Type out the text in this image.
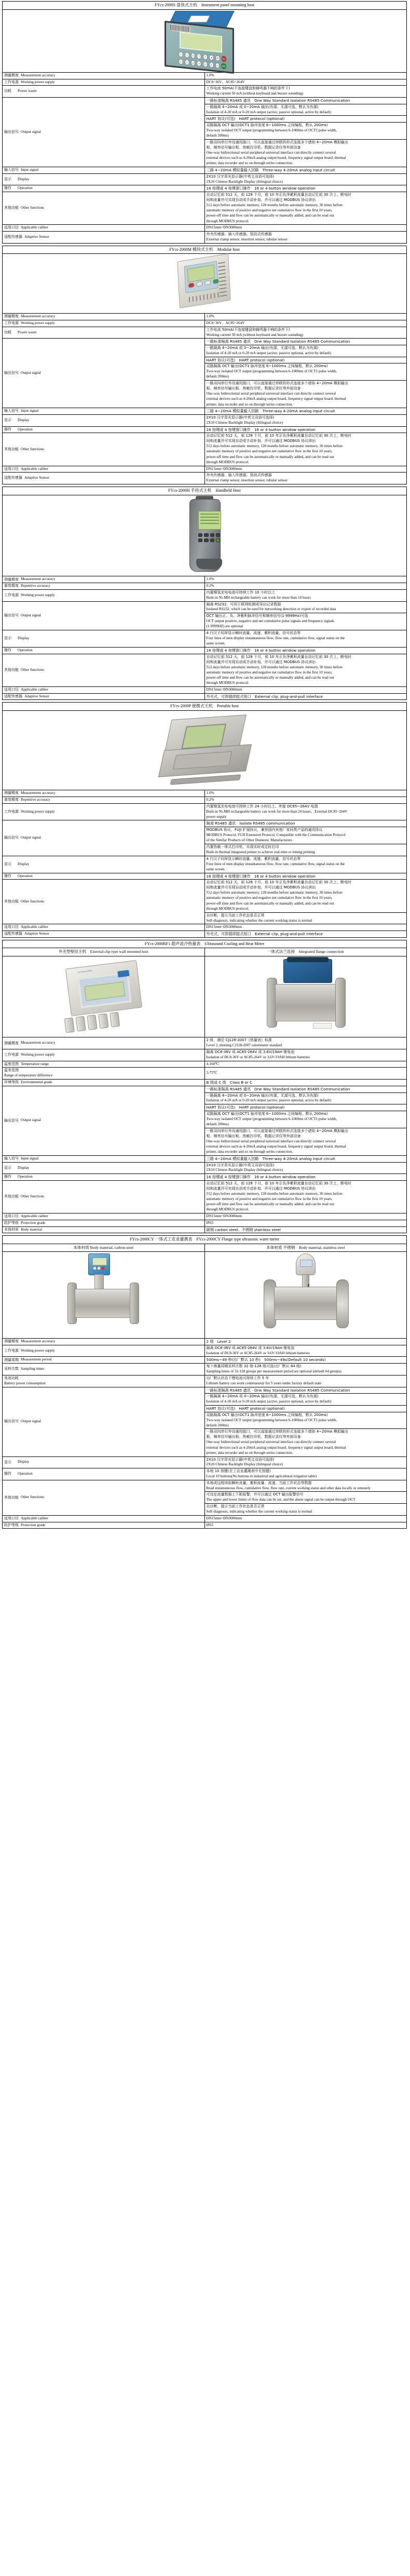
FYcs-2000S 盘装式主机　Instrument panel mounting host	

1	1	0	7	7	◄	✲	ESC
0	2	4	0	0	9	✓	ENT

测量精度 Measurement accuracy	1.0%

工作电源 Working power supply	DC8~36V、AC85~264V

功耗 Power waste	工作电流 50mA(不连接键盘和蜂鸣器不响的条件下)
Working current 50 mA (without keyboard and buzzer sounding)

输出信号 Output signal	一路标准隔离 RS485 通讯　One Way Standard Isolation RS485 Communication

	一路隔离 4~20mA 或 0~20mA 输出(有源、无源可选、默认为有源)
Isolation of 4-20 mA or 0-20 mA output (active, passive optional, active by default)

	HART 协议(可选)　HART protocol (optional)

	双路隔离 OCT 输出(OCT1 脉冲宽度 6~1000ms 之间编程，默认 200ms)
Two-way isolated OCT output (programming between 6-1000ms of OCT1 pulse width,
default 200ms)

	一路双向串行外设通用接口，可以直接通过串联的形式连接多个诸如 4~20mA 模拟输出
板、频率信号输出板、热敏打印机、数据记录仪等外部设备
One-way bidirectional serial peripheral universal interface can directly connect several
external devices such as 4-20mA analog output board, frequency signal output board, thermal
printer, data recorder and so on through series connection.

输入信号 Input signal	三路 4~20mA 模拟量输入回路　Three-way 4-20mA analog input circuit

显示 Display	2X10 汉字背光显示器(中英文双语可选择)
2X10 Chinese Backlight Display (bilingual choice)

操作 Operation	16 按键或 4 按键窗口操作　16 or 4 button window operation

其他功能 Other functions

自动记忆前 512 天，前 128 个月，前 10 年正负净累积流量自动记忆前 30 次上、断电时
间和流量并可实现自动或手动补加，并可以通过 MODBUS 协议读出
512 days before automatic memory, 128 months before automatic memory, 30 times before
automatic memory of positive and negative net cumulative flow in the first 10 years,
power-off time and flow can be automatically or manually added, and can be read out
through MODBUS protocol.

适用口径 Applicable caliber	DN15mm~DN3000mm

适配传感器 Adaptive Sensor	外夹传感器、插入传感器、管段式传感器
External clamp sensor, insertion sensor, tubular sensor
FYcs-2000M 模块式主机　Modular host	

测量精度 Measurement accuracy	1.0%

工作电源 Working power supply	DC8~36V、AC85~264V

功耗 Power waste	工作电流 50mA(不连接键盘和蜂鸣器不响的条件下)
Working current 50 mA (without keyboard and buzzer sounding)

输出信号 Output signal	一路标准隔离 RS485 通讯　One Way Standard Isolation RS485 Communication

	一路隔离 4~20mA 或 0~20mA 输出(有源、无源可选、默认为有源)
Isolation of 4-20 mA or 0-20 mA output (active, passive optional, active by default)

	HART 协议(可选)　HART protocol (optional)

	双路隔离 OCT 输出(OCT1 脉冲宽度 6~1000ms 之间编程，默认 200ms)
Two-way isolated OCT output (programming between 6-1000ms of OCT1 pulse width,
default 200ms)

	一路双向串行外设通用接口，可以直接通过串联的形式连接多个诸如 4~20mA 模拟输出
板、频率信号输出板、热敏打印机、数据记录仪等外部设备
One-way bidirectional serial peripheral universal interface can directly connect several
external devices such as 4-20mA analog output board, frequency signal output board, thermal
printer, data recorder and so on through series connection.

输入信号 Input signal	三路 4~20mA 模拟量输入回路　Three-way 4-20mA analog input circuit

显示 Display	2X10 汉字背光显示器(中英文双语可选择)
2X10 Chinese Backlight Display (bilingual choice)

操作 Operation	16 按键或 4 按键窗口操作　16 or 4 button window operation

其他功能 Other functions

自动记忆前 512 天，前 128 个月，前 10 年正负净累积流量自动记忆前 30 次上、断电时
间和流量并可实现自动或手动补加，并可以通过 MODBUS 协议读出
512 days before automatic memory, 128 months before automatic memory, 30 times before
automatic memory of positive and negative net cumulative flow in the first 10 years,
power-off time and flow can be automatically or manually added, and can be read out
through MODBUS protocol.

适用口径 Applicable caliber	DN15mm~DN3000mm

适配传感器 Adaptive Sensor	外夹传感器、插入传感器、管段式传感器
External clamp sensor, insertion sensor, tubular sensor
FYcs-2000H 手持式主机　Handheld Host	

测量精度 Measurement accuracy	1.0%

重复精度 Repetitive accuracy	0.2%

工作电源 Working power supply	内置镍氢充电电池可持续工作 10 小时以上
Built-in Ni-MH rechargeable battery can work for more than 10 hours

输出信号 Output signal	隔离 RS232，可用于联网检测或导出记录数据
Isolated RS232, which can be used for networking detection or export of recorded data

	OCT 输出正、负、净累积脉冲信号和频率信号(1-9999Hz)可选
OCT output positive, negative and net cumulative pulse signals and frequency signals
(1-9999HZ) are optional

显示 Display	4 行汉子同屏显示瞬时流量、流速、累积流量、信号状态等
Four lines of men display instantaneous flow, flow rate, cumulative flow, signal status on the
same screen.

操作 Operation	16 按键或 4 按键窗口操作　16 or 4 button window operation

其他功能 Other functions

自动记忆前 512 天，前 128 个月，前 10 年正负净累积流量自动记忆前 30 次上、断电时
间和流量并可实现自动或手动补加，并可以通过 MODBUS 协议读出
512 days before automatic memory, 128 months before automatic memory, 30 times before
automatic memory of positive and negative net cumulative flow in the first 10 years,
power-off time and flow can be automatically or manually added, and can be read out
through MODBUS protocol.

适用口径 Applicable caliber	DN15mm~DN3000mm

适配传感器 Adaptive Sensor	外夹式，可即插即拔式接口　External clip, plug-and-pull interface
FYcs-2000P 便携式主机　Portable host	

测量精度 Measurement accuracy	1.0%

重复精度 Repetitive accuracy	0.2%

工作电源 Working power supply	内置镍氢充电电池可持续工作 24 小时以上、外接 DC85~264V 电源
Built-in Ni-MH rechargeable battery can work for more than 24 hours、External DC85~264V
power supply

输出信号 Output signal	隔离 RS485 通讯　Isolate RS485 communication

	MODBUS 协议，FUJI 扩展协议，兼容国内其他厂家同类产品的通讯协议
MODBUS Protocol, FUJI Extension Protocol, Compatible with the Communication Protocol
of the Similar Products of Other Domestic Manufacturers

	内置热敏一体式打印机，实现实时或定时打印
Built-in thermal integrated printer to achieve real-time or timing printing

显示 Display	4 行汉子同屏显示瞬时流量、流速、累积流量、信号状态等
Four lines of men display instantaneous flow, flow rate, cumulative flow, signal status on the
same screen.

操作 Operation	16 按键或 4 按键窗口操作　16 or 4 button window operation

其他功能 Other functions

自动记忆前 512 天，前 128 个月，前 10 年正负净累积流量自动记忆前 30 次上、断电时
间和流量并可实现自动或手动补加，并可以通过 MODBUS 协议读出
512 days before automatic memory, 128 months before automatic memory, 30 times before
automatic memory of positive and negative net cumulative flow in the first 10 years,
power-off time and flow can be automatically or manually added, and can be read out
through MODBUS protocol.

	自诊断，提示当前工作状态是否正常
Self-diagnosis, indicating whether the current working status is normal

适用口径 Applicable caliber	DN15mm~DN3000mm

适配传感器 Adaptive Sensor	外夹式，可即插即拔式接口　External clip, plug-and-pull interface
FYcs-2000RF1 超声波冷热量表　Ultrasound Cooling and Heat Meter	
外夹型壁挂主机　External clip type wall mounted host	一体式法兰连接　Integrated flange connection

ULTRASONIC	

测量精度 Measurement accuracy	2 级，满足 CJ128-2007《热量表》标准
Level 2, meeting CJ128-2007 calorimeter standard

工作电源 Working power supply	隔离 DC8-36V 或 AC85-264V 或 3.6V/19AH 锂电池
Isolation of DC8-36V or AC85-264V or 3.6V/19AH lithium batteries

温度范围 Temperature range	4-160℃

温差范围
Range of temperature difference	3-75℃

环境等级 Environmental grade	B 级或 C 级　Class B or C

输出信号 Output signal	一路标准隔离 RS485 通讯　One Way Standard Isolation RS485 Communication

	一路隔离 4~20mA 或 0~20mA 输出(有源、无源可选、默认为有源)
Isolation of 4-20 mA or 0-20 mA output (active, passive optional, active by default)

	HART 协议(可选)　HART protocol (optional)

	双路隔离 OCT 输出(OCT1 脉冲宽度 6~1000ms 之间编程，默认 200ms)
Two-way isolated OCT output (programming between 6-1000ms of OCT1 pulse width,
default 200ms)

	一路双向串行外设通用接口，可以直接通过串联的形式连接多个诸如 4~20mA 模拟输出
板、频率信号输出板、热敏打印机、数据记录仪等外部设备
One-way bidirectional serial peripheral universal interface can directly connect several
external devices such as 4-20mA analog output board, frequency signal output board, thermal
printer, data recorder and so on through series connection.

输入信号 Input signal	三路 4~20mA 模拟量输入回路　Three-way 4-20mA analog input circuit

显示 Display	2X10 汉字背光显示器(中英文双语可选择)
2X10 Chinese Backlight Display (bilingual choice)

操作 Operation	16 按键或 4 按键窗口操作　16 or 4 button window operation

其他功能 Other functions

自动记忆前 512 天，前 128 个月，前 10 年正负净累积流量自动记忆前 30 次上、断电时
间和流量并可实现自动或手动补加，并可以通过 MODBUS 协议读出
512 days before automatic memory, 128 months before automatic memory, 30 times before
automatic memory of positive and negative net cumulative flow in the first 10 years,
power-off time and flow can be automatically or manually added, and can be read out
through MODBUS protocol.

适用口径 Applicable caliber	DN15mm~DN3000mm

防护等级 Protection grade	IP65

本体材质 Body material	碳钢 carbon steel、不锈钢 stainless steel
FYcs-2000CY 一体式工农业灌溉表　FYcs-2000CY Flange type ultrasonic water meter	
本体材质 Body material, carbon steel	本体材质 不锈钢　Body material, stainless steel

测量精度 Measurement accuracy	2 级　Level 2

工作电源 Working power supply	隔离 DC8-36V 或 AC85-264V 或 3.6V/19AH 锂电池
Isolation of DC8-36V or AC85-264V or 3.6V/19AH lithium batteries

测量周期 Measurement period	500ms~49 秒(出厂默认 10 秒)　500ms~49s(Default 10 seconds)

采样次数 Sampling times	每个测量周期采样次数 32 组-128 组可选(出厂默认 64 组)
Sampling times of 32-128 groups per measurement period are optional (default 64 groups)

电池功耗
Battery power consumption	出厂默认状态下锂电池可持续工作 5 年
Lithium battery can work continuously for 5 years under factory default state

输出信号 Output signal	一路标准隔离 RS485 通讯　One Way Standard Isolation RS485 Communication

	一路隔离 4~20mA 或 0~20mA 输出(有源、无源可选、默认为有源)
Isolation of 4-20 mA or 0-20 mA output (active, passive optional, active by default)

	HART 协议(可选)　HART protocol (optional)

	双路隔离 OCT 输出(OCT1 脉冲宽度 6~1000ms 之间编程，默认 200ms)
Two-way isolated OCT output (programming between 6-1000ms of OCT1 pulse width,
default 200ms)

	一路双向串行外设通用接口，可以直接通过串联的形式连接多个诸如 4~20mA 模拟输出
板、频率信号输出板、热敏打印机、数据记录仪等外部设备
One-way bidirectional serial peripheral universal interface can directly connect several
external devices such as 4-20mA analog output board, frequency signal output board, thermal
printer, data recorder and so on through series connection.

显示 Display	2X10 汉字背光显示器(中英文双语可选择)
2X10 Chinese Backlight Display (bilingual choice)

操作 Operation	本地 10 按键(在工农业灌溉表中无按键)
Local 10 buttons(No buttons in industrial and agricultural irrigation table)

其他功能 Other functions	本地或远程读取瞬时流量、累积流量、流速、当前工作状态等数据
Read instantaneous flow, cumulative flow, flow rate, current working status and other data locally or remotely

	可设定流量数据上下限报警，并可以通过 OCT 输出报警信号
The upper and lower limits of flow data can be set, and the alarm signal can be output through OCT

	自诊断，提示当前工作状态是否正常
Self-diagnosis, indicating whether the current working status is normal

适用口径 Applicable caliber	DN15mm~DN3000mm

防护等级 Protection grade	IP65
